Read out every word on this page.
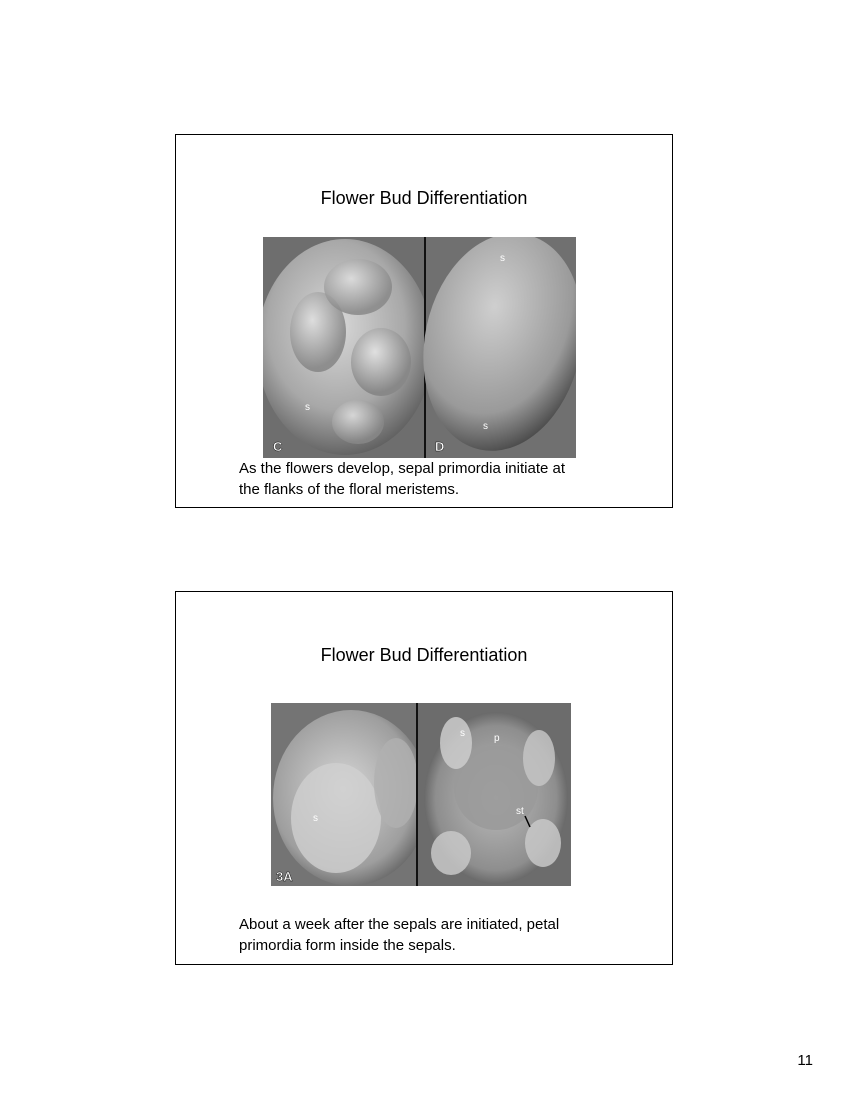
Flower Bud Differentiation
s
C
s
s
D
As the flowers develop, sepal primordia initiate at
the flanks of the floral meristems.
Flower Bud Differentiation
s
3A
s	p
st
About a week after the sepals are initiated, petal
primordia form inside the sepals.
11
